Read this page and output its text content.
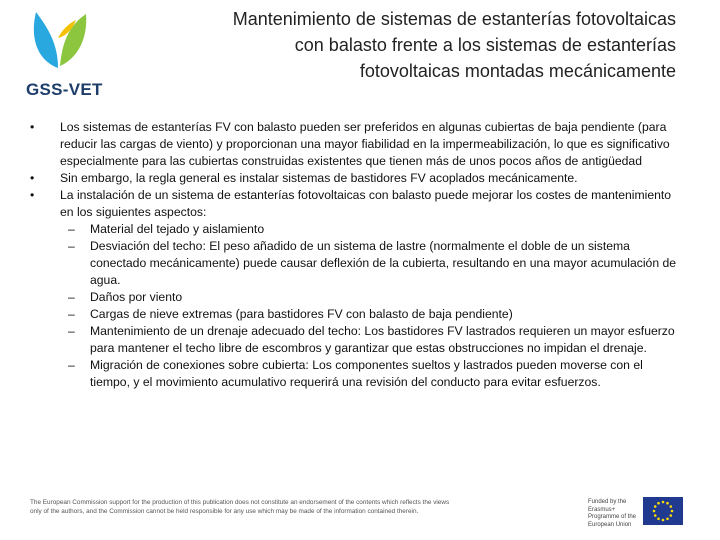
GSS-VET
Mantenimiento de sistemas de estanterías fotovoltaicas
con balasto frente a los sistemas de estanterías
fotovoltaicas montadas mecánicamente
• Los sistemas de estanterías FV con balasto pueden ser preferidos en algunas cubiertas de baja pendiente (para reducir las cargas de viento) y proporcionan una mayor fiabilidad en la impermeabilización, lo que es significativo especialmente para las cubiertas construidas existentes que tienen más de unos pocos años de antigüedad
• Sin embargo, la regla general es instalar sistemas de bastidores FV acoplados mecánicamente.
• La instalación de un sistema de estanterías fotovoltaicas con balasto puede mejorar los costes de mantenimiento en los siguientes aspectos:
– Material del tejado y aislamiento
– Desviación del techo: El peso añadido de un sistema de lastre (normalmente el doble de un sistema conectado mecánicamente) puede causar deflexión de la cubierta, resultando en una mayor acumulación de agua.
– Daños por viento
– Cargas de nieve extremas (para bastidores FV con balasto de baja pendiente)
– Mantenimiento de un drenaje adecuado del techo: Los bastidores FV lastrados requieren un mayor esfuerzo para mantener el techo libre de escombros y garantizar que estas obstrucciones no impidan el drenaje.
– Migración de conexiones sobre cubierta: Los componentes sueltos y lastrados pueden moverse con el tiempo, y el movimiento acumulativo requerirá una revisión del conducto para evitar esfuerzos.
The European Commission support for the production of this publication does not constitute an endorsement of the contents which reflects the views only of the authors, and the Commission cannot be held responsible for any use which may be made of the information contained therein.
Funded by the Erasmus+ Programme of the European Union
